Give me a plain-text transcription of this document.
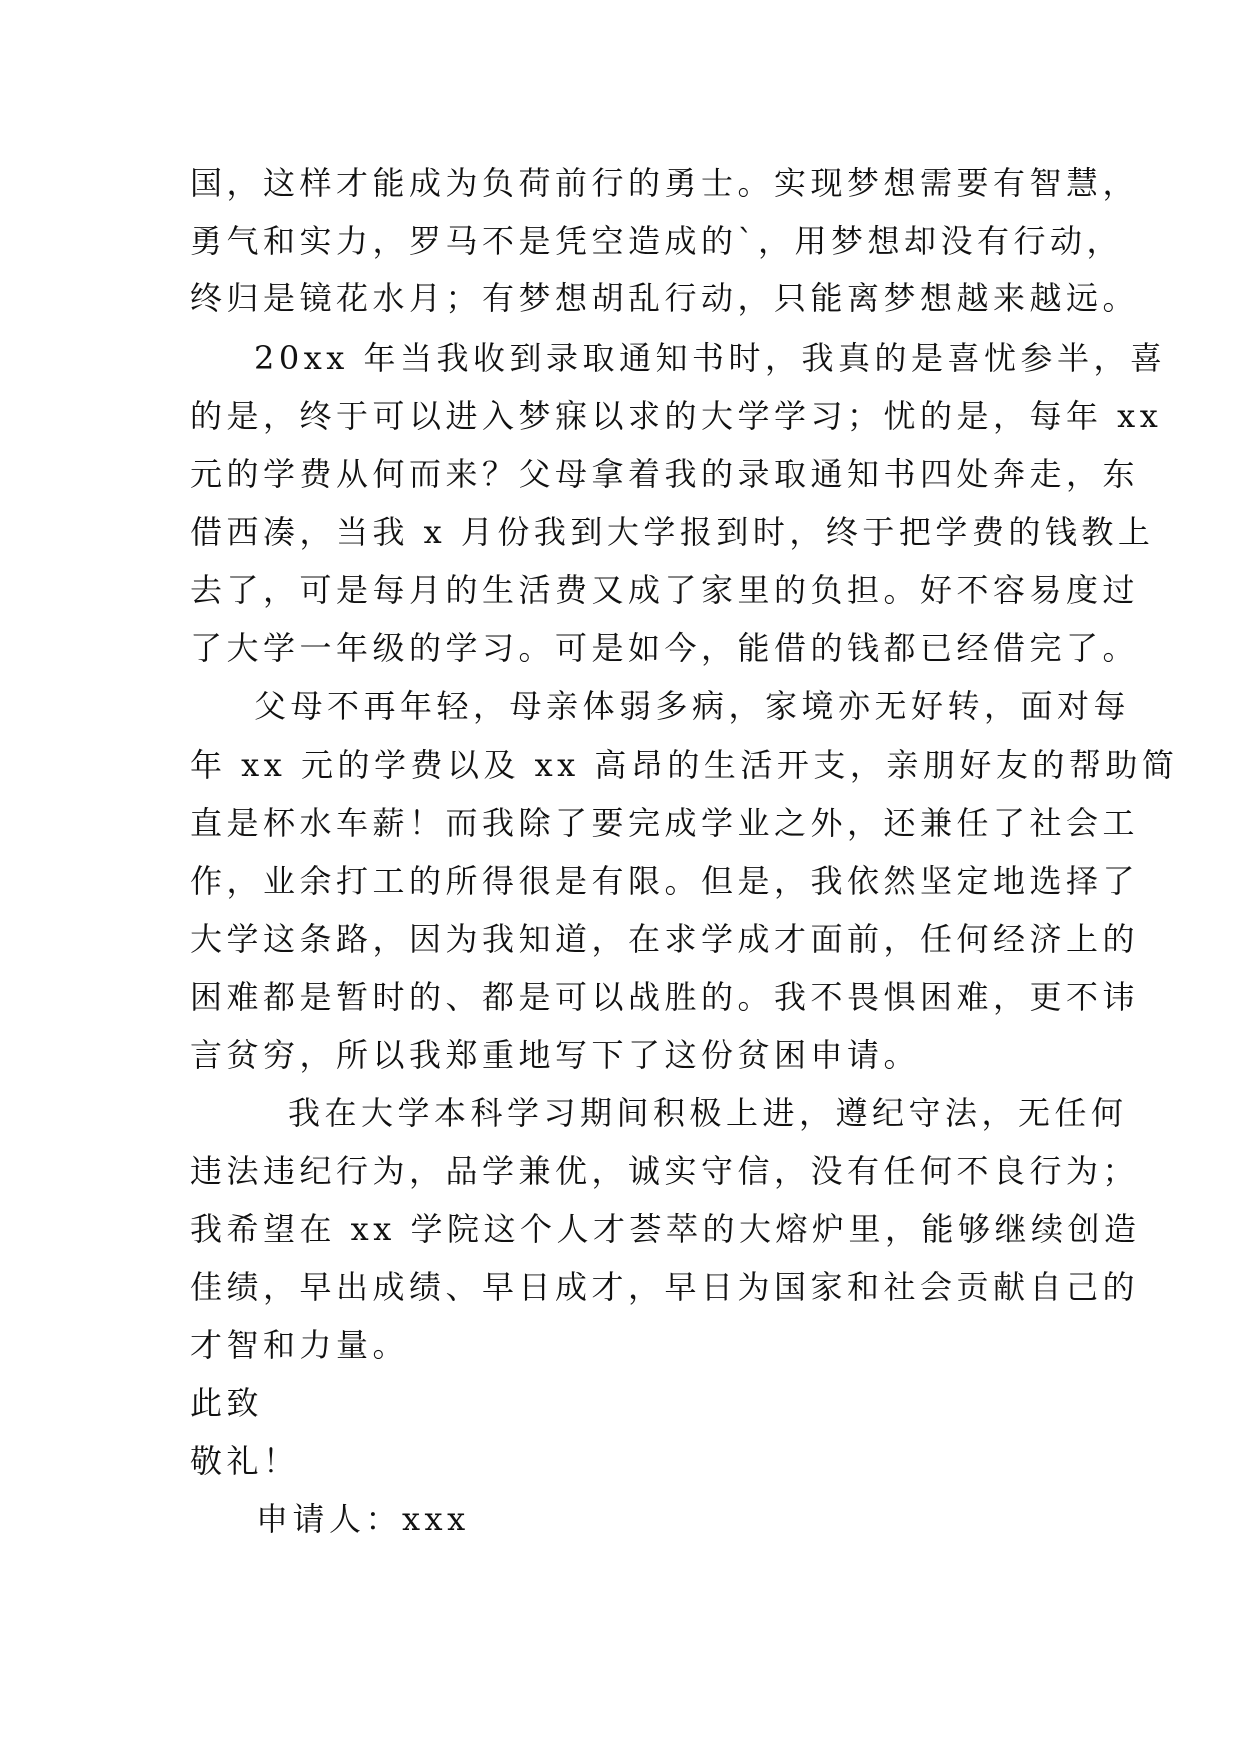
国，这样才能成为负荷前行的勇士。实现梦想需要有智慧，
勇气和实力，罗马不是凭空造成的`，用梦想却没有行动，
终归是镜花水月；有梦想胡乱行动，只能离梦想越来越远。
20xx 年当我收到录取通知书时，我真的是喜忧参半，喜
的是，终于可以进入梦寐以求的大学学习；忧的是，每年 xx
元的学费从何而来？父母拿着我的录取通知书四处奔走，东
借西凑，当我 x 月份我到大学报到时，终于把学费的钱教上
去了，可是每月的生活费又成了家里的负担。好不容易度过
了大学一年级的学习。可是如今，能借的钱都已经借完了。
父母不再年轻，母亲体弱多病，家境亦无好转，面对每
年 xx 元的学费以及 xx 高昂的生活开支，亲朋好友的帮助简
直是杯水车薪！而我除了要完成学业之外，还兼任了社会工
作，业余打工的所得很是有限。但是，我依然坚定地选择了
大学这条路，因为我知道，在求学成才面前，任何经济上的
困难都是暂时的、都是可以战胜的。我不畏惧困难，更不讳
言贫穷，所以我郑重地写下了这份贫困申请。
我在大学本科学习期间积极上进，遵纪守法，无任何
违法违纪行为，品学兼优，诚实守信，没有任何不良行为；
我希望在 xx 学院这个人才荟萃的大熔炉里，能够继续创造
佳绩，早出成绩、早日成才，早日为国家和社会贡献自己的
才智和力量。
此致
敬礼！
申请人：xxx
